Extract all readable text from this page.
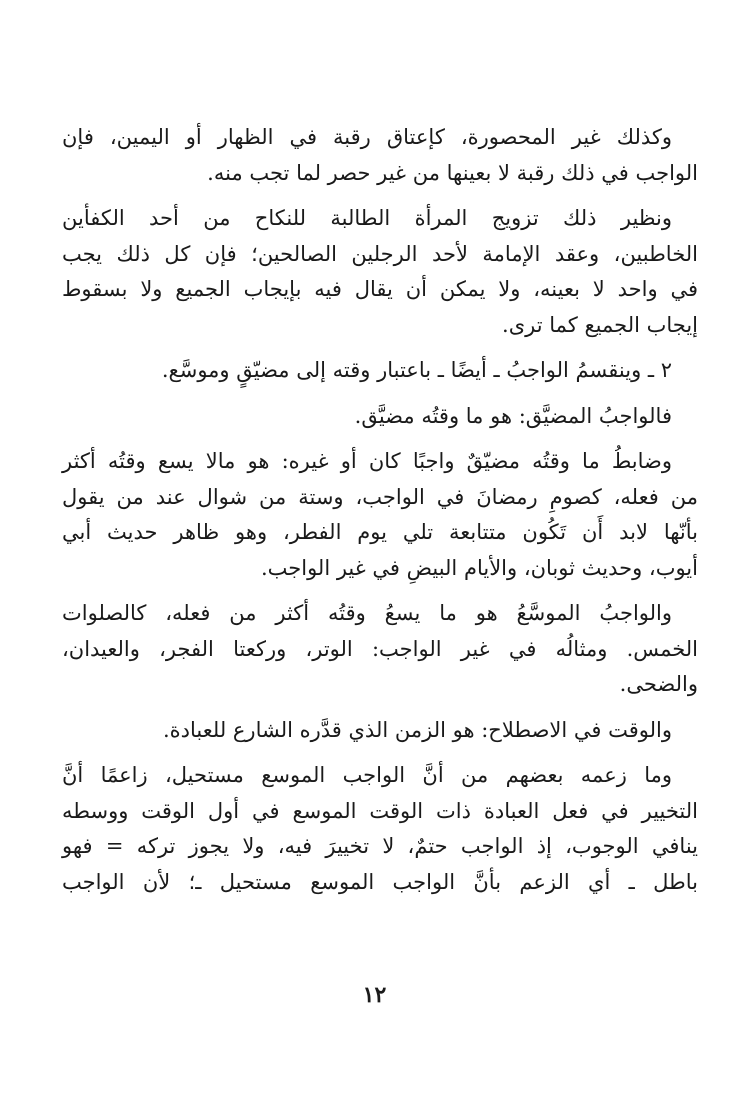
وكذلك غير المحصورة، كإعتاق رقبة في الظهار أو اليمين، فإن
الواجب في ذلك رقبة لا بعينها من غير حصر لما تجب منه.

ونظير ذلك تزويج المرأة الطالبة للنكاح من أحد الكفأين
الخاطبين، وعقد الإمامة لأحد الرجلين الصالحين؛ فإن كل ذلك يجب
في واحد لا بعينه، ولا يمكن أن يقال فيه بإيجاب الجميع ولا بسقوط
إيجاب الجميع كما ترى.

٢ ـ وينقسمُ الواجبُ ـ أيضًا ـ باعتبار وقته إلى مضيّقٍ وموسَّع.

فالواجبُ المضيَّق: هو ما وقتُه مضيَّق.

وضابطُ ما وقتُه مضيّقٌ واجبًا كان أو غيره: هو مالا يسع وقتُه أكثر
من فعله، كصومِ رمضانَ في الواجب، وستة من شوال عند من يقول
بأنّها لابد أَن تَكُون متتابعة تلي يوم الفطر، وهو ظاهر حديث أبي
أيوب، وحديث ثوبان، والأيام البيضِ في غير الواجب.

والواجبُ الموسَّعُ هو ما يسعُ وقتُه أكثر من فعله، كالصلوات
الخمس. ومثالُه في غير الواجب: الوتر، وركعتا الفجر، والعيدان،
والضحى.

والوقت في الاصطلاح: هو الزمن الذي قدَّره الشارع للعبادة.

وما زعمه بعضهم من أنَّ الواجب الموسع مستحيل، زاعمًا أنَّ
التخيير في فعل العبادة ذات الوقت الموسع في أول الوقت ووسطه
ينافي الوجوب، إذ الواجب حتمٌ، لا تخييرَ فيه، ولا يجوز تركه = فهو
باطل ـ أي الزعم بأنَّ الواجب الموسع مستحيل ـ؛ لأن الواجب

١٢
